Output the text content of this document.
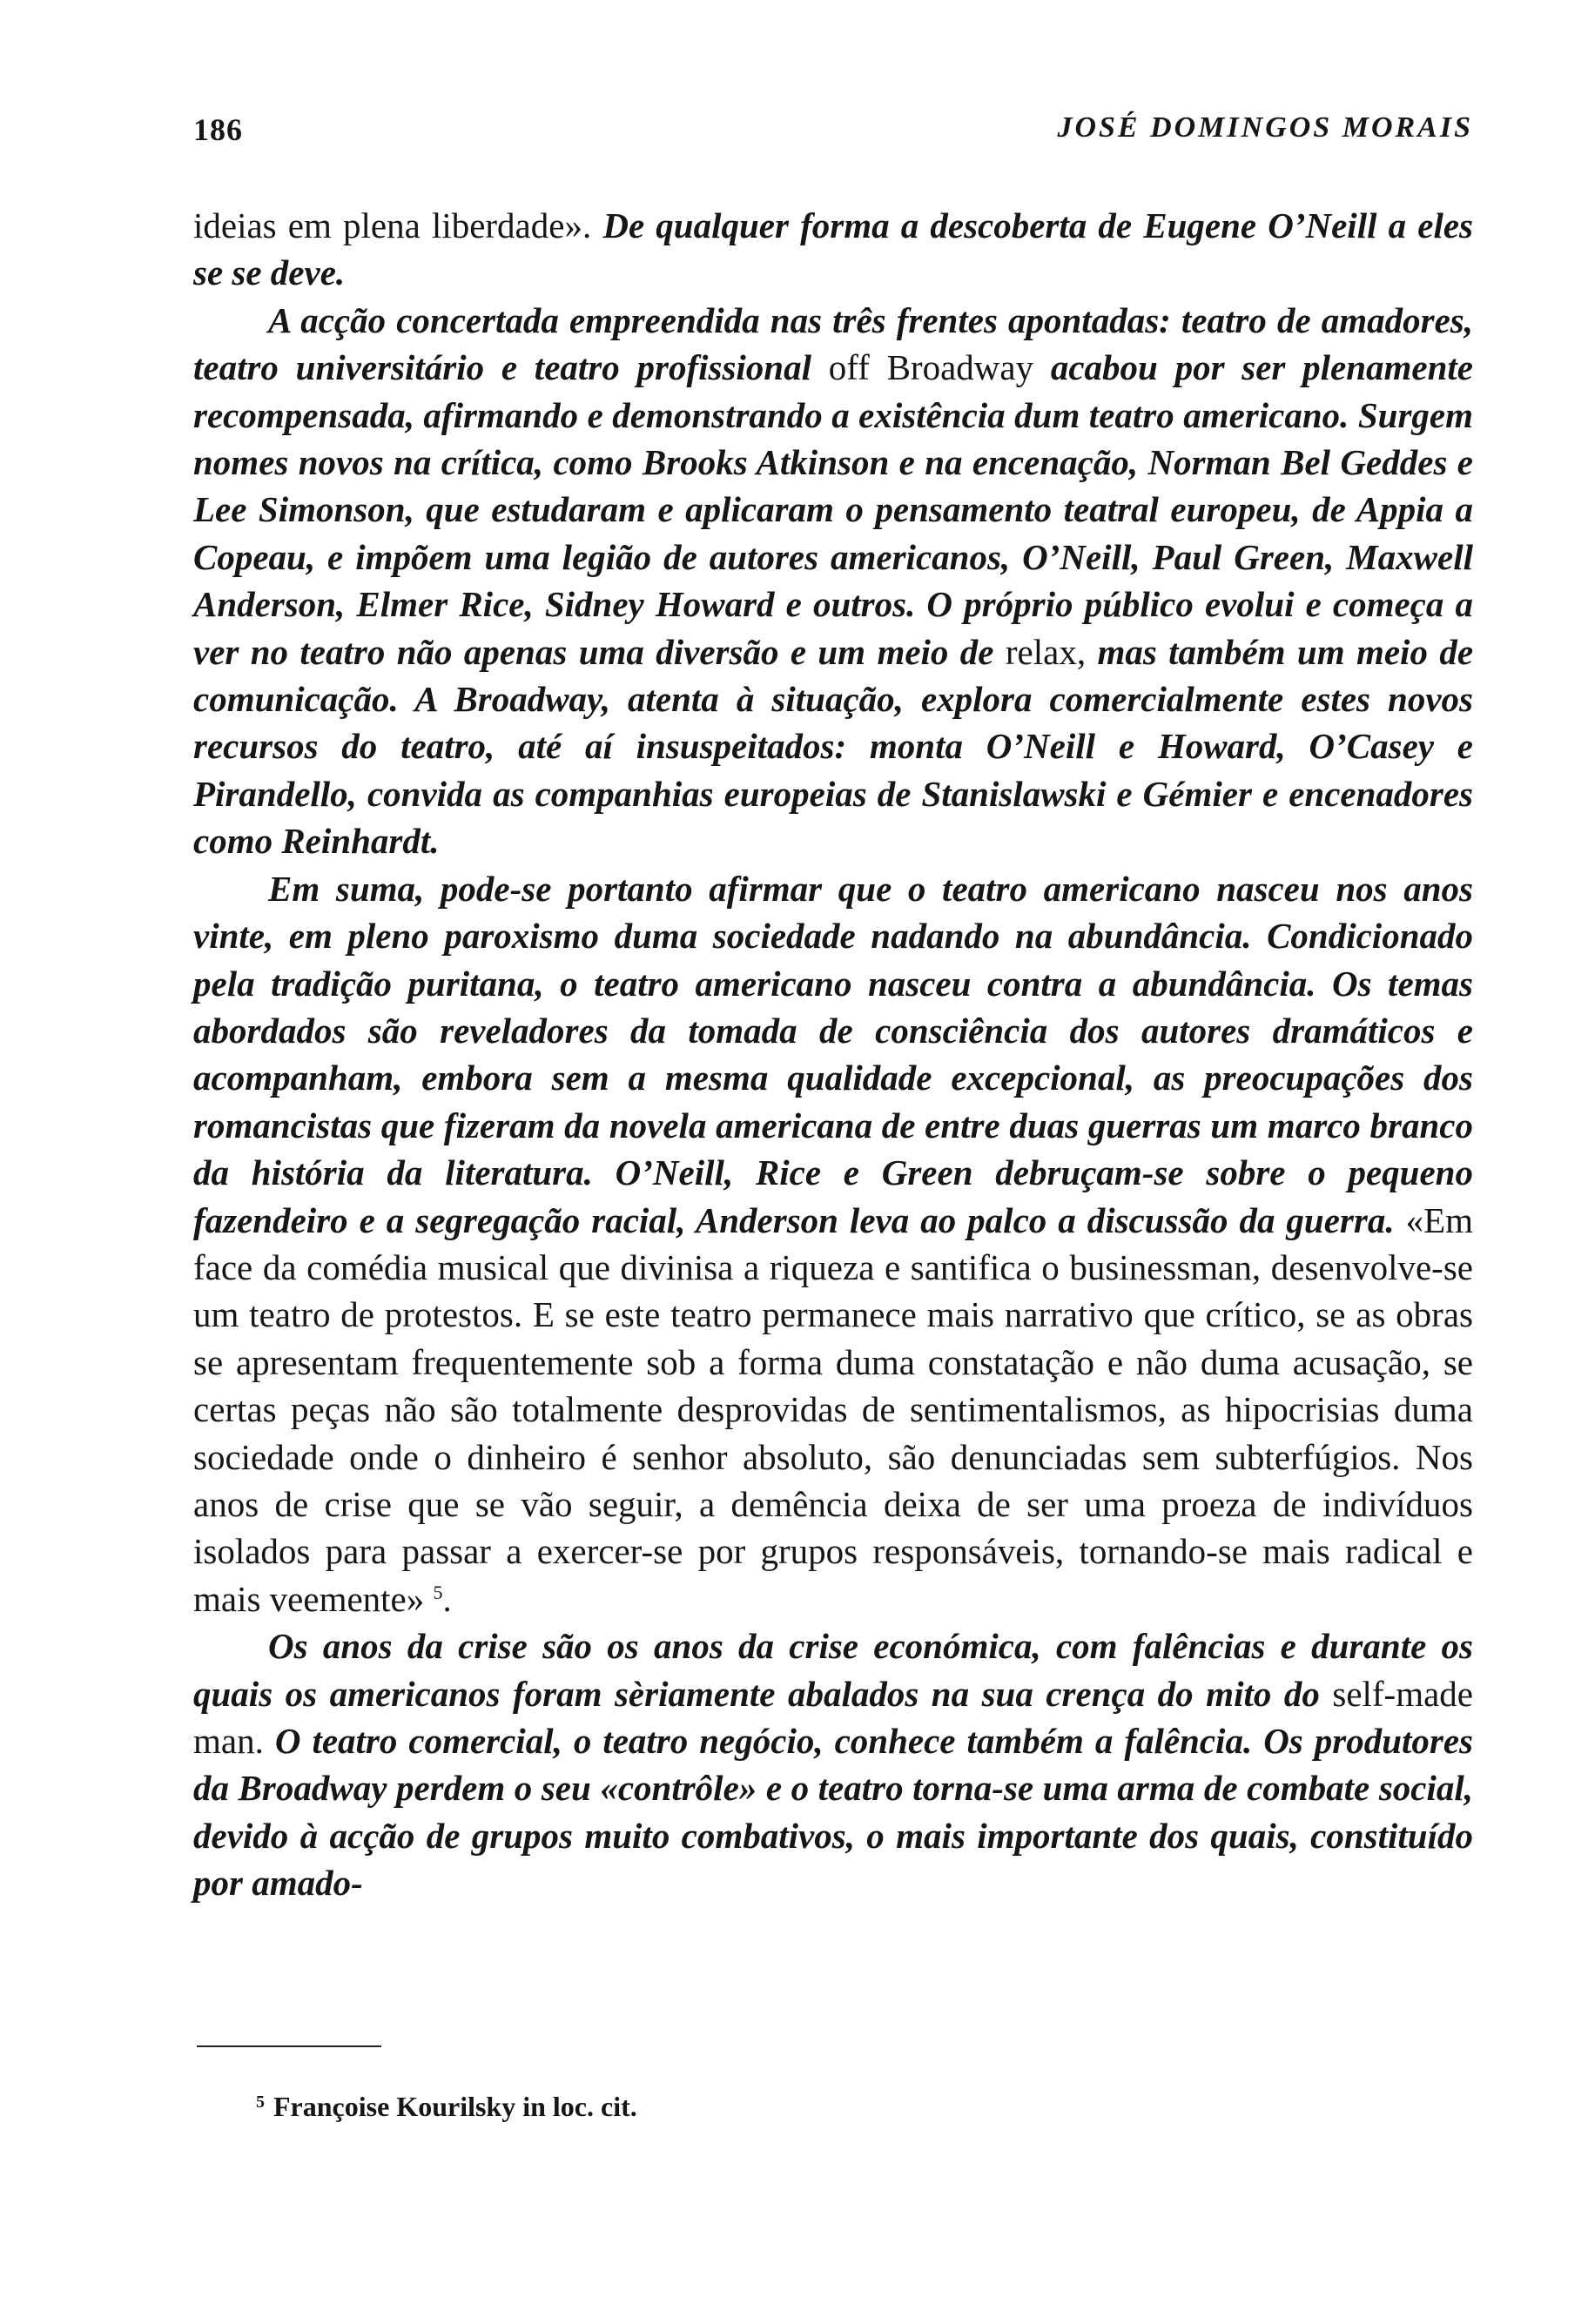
186	JOSÉ DOMINGOS MORAIS

ideias em plena liberdade». De qualquer forma a descoberta de Eugene O’Neill a eles se se deve.

A acção concertada empreendida nas três frentes apontadas: teatro de amadores, teatro universitário e teatro profissional off Broadway acabou por ser plenamente recompensada, afirmando e demonstrando a existência dum teatro americano. Surgem nomes novos na crítica, como Brooks Atkinson e na encenação, Norman Bel Geddes e Lee Simonson, que estudaram e aplicaram o pensamento teatral europeu, de Appia a Copeau, e impõem uma legião de autores americanos, O’Neill, Paul Green, Maxwell Anderson, Elmer Rice, Sidney Howard e outros. O próprio público evolui e começa a ver no teatro não apenas uma diversão e um meio de relax, mas também um meio de comunicação. A Broadway, atenta à situação, explora comercialmente estes novos recursos do teatro, até aí insuspeitados: monta O’Neill e Howard, O’Casey e Pirandello, convida as companhias europeias de Stanislawski e Gémier e encenadores como Reinhardt.

Em suma, pode-se portanto afirmar que o teatro americano nasceu nos anos vinte, em pleno paroxismo duma sociedade nadando na abundância. Condicionado pela tradição puritana, o teatro americano nasceu contra a abundância. Os temas abordados são reveladores da tomada de consciência dos autores dramáticos e acompanham, embora sem a mesma qualidade excepcional, as preocupações dos romancistas que fizeram da novela americana de entre duas guerras um marco branco da história da literatura. O’Neill, Rice e Green debruçam-se sobre o pequeno fazendeiro e a segregação racial, Anderson leva ao palco a discussão da guerra. «Em face da comédia musical que divinisa a riqueza e santifica o businessman, desenvolve-se um teatro de protestos. E se este teatro permanece mais narrativo que crítico, se as obras se apresentam frequentemente sob a forma duma constatação e não duma acusação, se certas peças não são totalmente desprovidas de sentimentalismos, as hipocrisias duma sociedade onde o dinheiro é senhor absoluto, são denunciadas sem subterfúgios. Nos anos de crise que se vão seguir, a demência deixa de ser uma proeza de indivíduos isolados para passar a exercer-se por grupos responsáveis, tornando-se mais radical e mais veemente» $^5$.

Os anos da crise são os anos da crise económica, com falências e durante os quais os americanos foram sèriamente abalados na sua crença do mito do self-made man. O teatro comercial, o teatro negócio, conhece também a falência. Os produtores da Broadway perdem o seu «contrôle» e o teatro torna-se uma arma de combate social, devido à acção de grupos muito combativos, o mais importante dos quais, constituído por amado-

$^5$ Françoise Kourilsky in loc. cit.
